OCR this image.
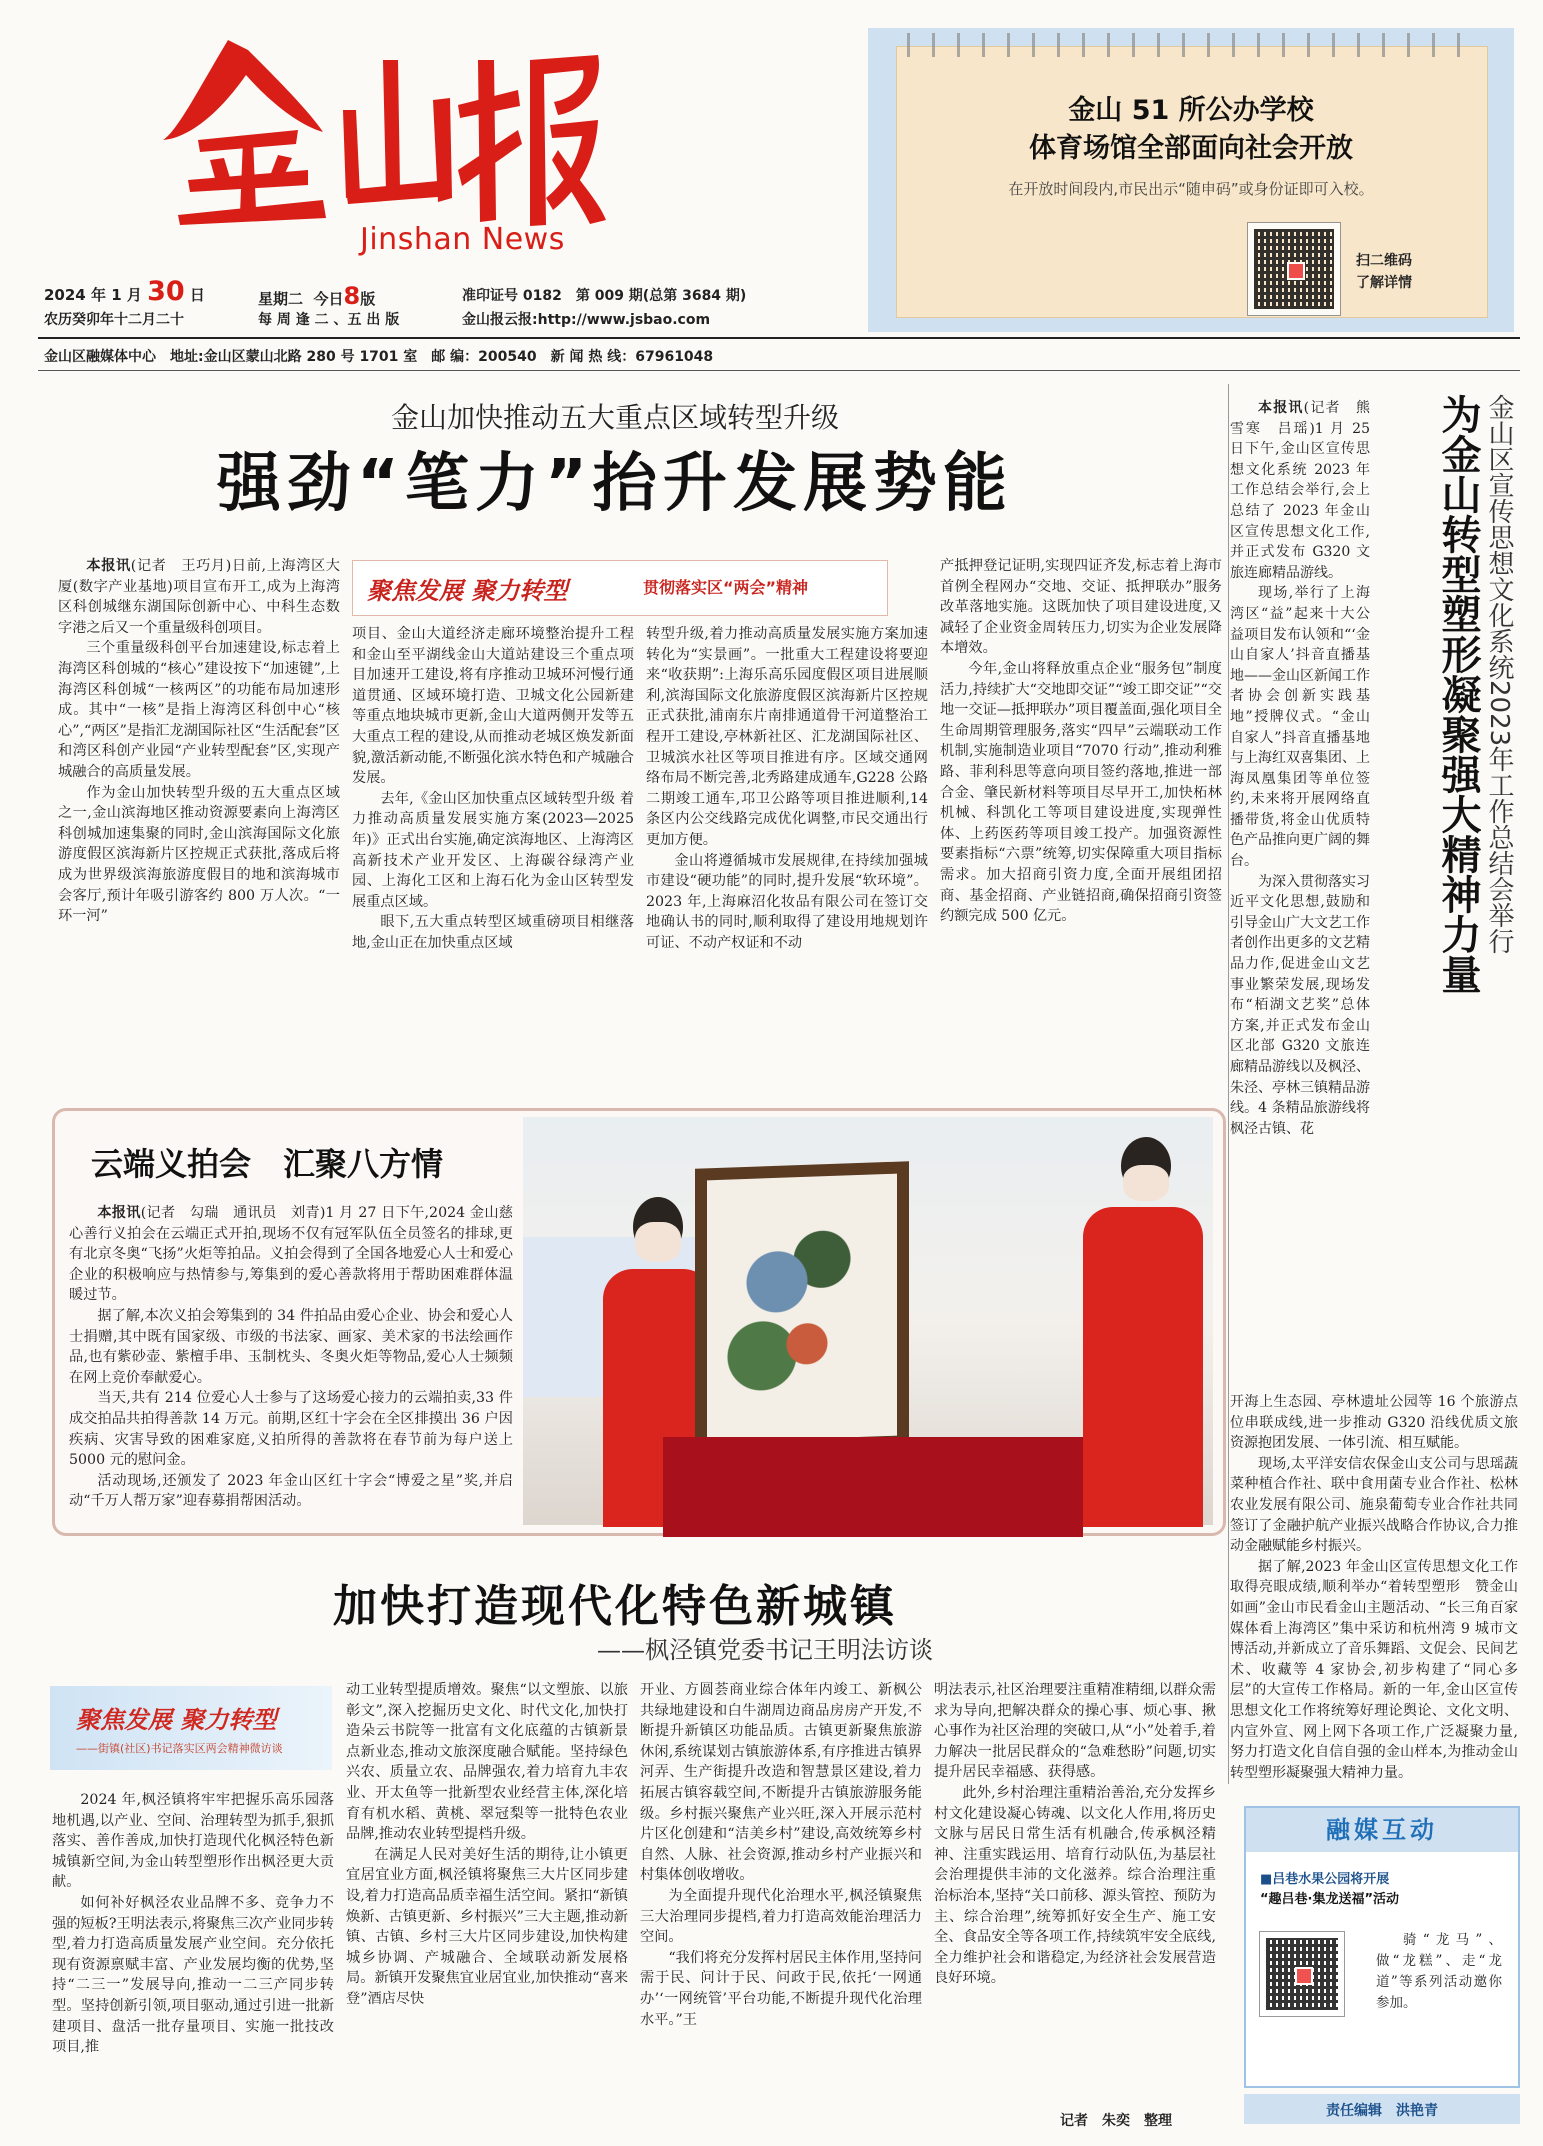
Jinshan News
2024 年 1 月 30 日	星期二 今日8版	准印证号 0182　第 009 期(总第 3684 期)
农历癸卯年十二月二十	每 周 逢 二 、五 出 版	金山报云报:http://www.jsbao.com
金山区融媒体中心　地址:金山区蒙山北路 280 号 1701 室　邮 编：200540　新 闻 热 线：67961048
金山 51 所公办学校
体育场馆全部面向社会开放
在开放时间段内,市民出示“随申码”或身份证即可入校。
扫二维码
了解详情
金山加快推动五大重点区域转型升级
强劲“笔力”抬升发展势能
聚焦发展 聚力转型	贯彻落实区“两会”精神

本报讯(记者　王巧月)日前,上海湾区大厦(数字产业基地)项目宣布开工,成为上海湾区科创城继东湖国际创新中心、中科生态数字港之后又一个重量级科创项目。

三个重量级科创平台加速建设,标志着上海湾区科创城的“核心”建设按下“加速键”,上海湾区科创城“一核两区”的功能布局加速形成。其中“一核”是指上海湾区科创中心“核心”,“两区”是指汇龙湖国际社区“生活配套”区和湾区科创产业园“产业转型配套”区,实现产城融合的高质量发展。

作为金山加快转型升级的五大重点区域之一,金山滨海地区推动资源要素向上海湾区科创城加速集聚的同时,金山滨海国际文化旅游度假区滨海新片区控规正式获批,落成后将成为世界级滨海旅游度假目的地和滨海城市会客厅,预计年吸引游客约 800 万人次。“一环一河”

项目、金山大道经济走廊环境整治提升工程和金山至平湖线金山大道站建设三个重点项目加速开工建设,将有序推动卫城环河慢行通道贯通、区域环境打造、卫城文化公园新建等重点地块城市更新,金山大道两侧开发等五大重点工程的建设,从而推动老城区焕发新面貌,激活新动能,不断强化滨水特色和产城融合发展。

去年,《金山区加快重点区域转型升级 着力推动高质量发展实施方案(2023—2025 年)》正式出台实施,确定滨海地区、上海湾区高新技术产业开发区、上海碳谷绿湾产业园、上海化工区和上海石化为金山区转型发展重点区域。

眼下,五大重点转型区域重磅项目相继落地,金山正在加快重点区域

转型升级,着力推动高质量发展实施方案加速转化为“实景画”。一批重大工程建设将要迎来“收获期”:上海乐高乐园度假区项目进展顺利,滨海国际文化旅游度假区滨海新片区控规正式获批,浦南东片南排通道骨干河道整治工程开工建设,亭林新社区、汇龙湖国际社区、卫城滨水社区等项目推进有序。区域交通网络布局不断完善,北秀路建成通车,G228 公路二期竣工通车,邛卫公路等项目推进顺利,14 条区内公交线路完成优化调整,市民交通出行更加方便。

金山将遵循城市发展规律,在持续加强城市建设“硬功能”的同时,提升发展“软环境”。2023 年,上海麻沼化妆品有限公司在签订交地确认书的同时,顺利取得了建设用地规划许可证、不动产权证和不动

产抵押登记证明,实现四证齐发,标志着上海市首例全程网办“交地、交证、抵押联办”服务改革落地实施。这既加快了项目建设进度,又减轻了企业资金周转压力,切实为企业发展降本增效。

今年,金山将释放重点企业“服务包”制度活力,持续扩大“交地即交证”“竣工即交证”“交地一交证—抵押联办”项目覆盖面,强化项目全生命周期管理服务,落实“四早”云端联动工作机制,实施制造业项目“7070 行动”,推动利雅路、菲利科思等意向项目签约落地,推进一部合金、肇民新材料等项目尽早开工,加快柘林机械、科凯化工等项目建设进度,实现弹性体、上药医药等项目竣工投产。加强资源性要素指标“六票”统筹,切实保障重大项目指标需求。加大招商引资力度,全面开展组团招商、基金招商、产业链招商,确保招商引资签约额完成 500 亿元。

云端义拍会　汇聚八方情

本报讯(记者　勾瑞　通讯员　刘青)1 月 27 日下午,2024 金山慈心善行义拍会在云端正式开拍,现场不仅有冠军队伍全员签名的排球,更有北京冬奥“飞扬”火炬等拍品。义拍会得到了全国各地爱心人士和爱心企业的积极响应与热情参与,筹集到的爱心善款将用于帮助困难群体温暖过节。

据了解,本次义拍会筹集到的 34 件拍品由爱心企业、协会和爱心人士捐赠,其中既有国家级、市级的书法家、画家、美术家的书法绘画作品,也有紫砂壶、紫檀手串、玉制枕头、冬奥火炬等物品,爱心人士频频在网上竞价奉献爱心。

当天,共有 214 位爱心人士参与了这场爱心接力的云端拍卖,33 件成交拍品共拍得善款 14 万元。前期,区红十字会在全区排摸出 36 户因疾病、灾害导致的困难家庭,义拍所得的善款将在春节前为每户送上 5000 元的慰问金。

活动现场,还颁发了 2023 年金山区红十字会“博爱之星”奖,并启动“千万人帮万家”迎春募捐帮困活动。

本报讯(记者　熊雪寒　吕瑶)1 月 25 日下午,金山区宣传思想文化系统 2023 年工作总结会举行,会上总结了 2023 年金山区宣传思想文化工作,并正式发布 G320 文旅连廊精品游线。

现场,举行了上海湾区“益”起来十大公益项目发布认领和“‘金山自家人’抖音直播基地——金山区新闻工作者协会创新实践基地”授牌仪式。“金山自家人”抖音直播基地与上海红双喜集团、上海凤凰集团等单位签约,未来将开展网络直播带货,将金山优质特色产品推向更广阔的舞台。

为深入贯彻落实习近平文化思想,鼓励和引导金山广大文艺工作者创作出更多的文艺精品力作,促进金山文艺事业繁荣发展,现场发布“栢湖文艺奖”总体方案,并正式发布金山区北部 G320 文旅连廊精品游线以及枫泾、朱泾、亭林三镇精品游线。4 条精品旅游线将枫泾古镇、花

为金山转型塑形凝聚强大精神力量 金山区宣传思想文化系统2023年工作总结会举行

开海上生态园、亭林遗址公园等 16 个旅游点位串联成线,进一步推动 G320 沿线优质文旅资源抱团发展、一体引流、相互赋能。

现场,太平洋安信农保金山支公司与思瑶蔬菜种植合作社、联中食用菌专业合作社、松林农业发展有限公司、施泉葡萄专业合作社共同签订了金融护航产业振兴战略合作协议,合力推动金融赋能乡村振兴。

据了解,2023 年金山区宣传思想文化工作取得亮眼成绩,顺利举办“着转型塑形　赞金山如画”金山市民看金山主题活动、“长三角百家媒体看上海湾区”集中采访和杭州湾 9 城市文博活动,并新成立了音乐舞蹈、文促会、民间艺术、收藏等 4 家协会,初步构建了“同心多层”的大宣传工作格局。新的一年,金山区宣传思想文化工作将统筹好理论舆论、文化文明、内宣外宣、网上网下各项工作,广泛凝聚力量,努力打造文化自信自强的金山样本,为推动金山转型塑形凝聚强大精神力量。

加快打造现代化特色新城镇
——枫泾镇党委书记王明法访谈
聚焦发展 聚力转型
——街镇(社区)书记落实区两会精神微访谈

2024 年,枫泾镇将牢牢把握乐高乐园落地机遇,以产业、空间、治理转型为抓手,狠抓落实、善作善成,加快打造现代化枫泾特色新城镇新空间,为金山转型塑形作出枫泾更大贡献。

如何补好枫泾农业品牌不多、竞争力不强的短板?王明法表示,将聚焦三次产业同步转型,着力打造高质量发展产业空间。充分依托现有资源禀赋丰富、产业发展均衡的优势,坚持“二三一”发展导向,推动一二三产同步转型。坚持创新引领,项目驱动,通过引进一批新建项目、盘活一批存量项目、实施一批技改项目,推

动工业转型提质增效。聚焦“以文塑旅、以旅彰文”,深入挖掘历史文化、时代文化,加快打造朵云书院等一批富有文化底蕴的古镇新景点新业态,推动文旅深度融合赋能。坚持绿色兴农、质量立农、品牌强农,着力培育九丰农业、开太鱼等一批新型农业经营主体,深化培育有机水稻、黄桃、翠冠梨等一批特色农业品牌,推动农业转型提档升级。

在满足人民对美好生活的期待,让小镇更宜居宜业方面,枫泾镇将聚焦三大片区同步建设,着力打造高品质幸福生活空间。紧扣“新镇焕新、古镇更新、乡村振兴”三大主题,推动新镇、古镇、乡村三大片区同步建设,加快构建城乡协调、产城融合、全域联动新发展格局。新镇开发聚焦宜业居宜业,加快推动“喜来登”酒店尽快

开业、方圆荟商业综合体年内竣工、新枫公共绿地建设和白牛湖周边商品房房产开发,不断提升新镇区功能品质。古镇更新聚焦旅游休闲,系统谋划古镇旅游体系,有序推进古镇界河弄、生产街提升改造和智慧景区建设,着力拓展古镇容载空间,不断提升古镇旅游服务能级。乡村振兴聚焦产业兴旺,深入开展示范村片区化创建和“洁美乡村”建设,高效统筹乡村自然、人脉、社会资源,推动乡村产业振兴和村集体创收增收。

为全面提升现代化治理水平,枫泾镇聚焦三大治理同步提档,着力打造高效能治理活力空间。

“我们将充分发挥村居民主体作用,坚持问需于民、问计于民、问政于民,依托‘一网通办’‘一网统管’平台功能,不断提升现代化治理水平。”王

明法表示,社区治理要注重精准精细,以群众需求为导向,把解决群众的操心事、烦心事、揪心事作为社区治理的突破口,从“小”处着手,着力解决一批居民群众的“急难愁盼”问题,切实提升居民幸福感、获得感。

此外,乡村治理注重精治善治,充分发挥乡村文化建设凝心铸魂、以文化人作用,将历史文脉与居民日常生活有机融合,传承枫泾精神、注重实践运用、培育行动队伍,为基层社会治理提供丰沛的文化滋养。综合治理注重治标治本,坚持“关口前移、源头管控、预防为主、综合治理”,统筹抓好安全生产、施工安全、食品安全等各项工作,持续筑牢安全底线,全力维护社会和谐稳定,为经济社会发展营造良好环境。

记者　朱奕　整理
融媒互动
■吕巷水果公园将开展
“趣吕巷·集龙送福”活动

骑“龙马”、做“龙糕”、走“龙道”等系列活动邀你参加。

责任编辑　洪艳青
